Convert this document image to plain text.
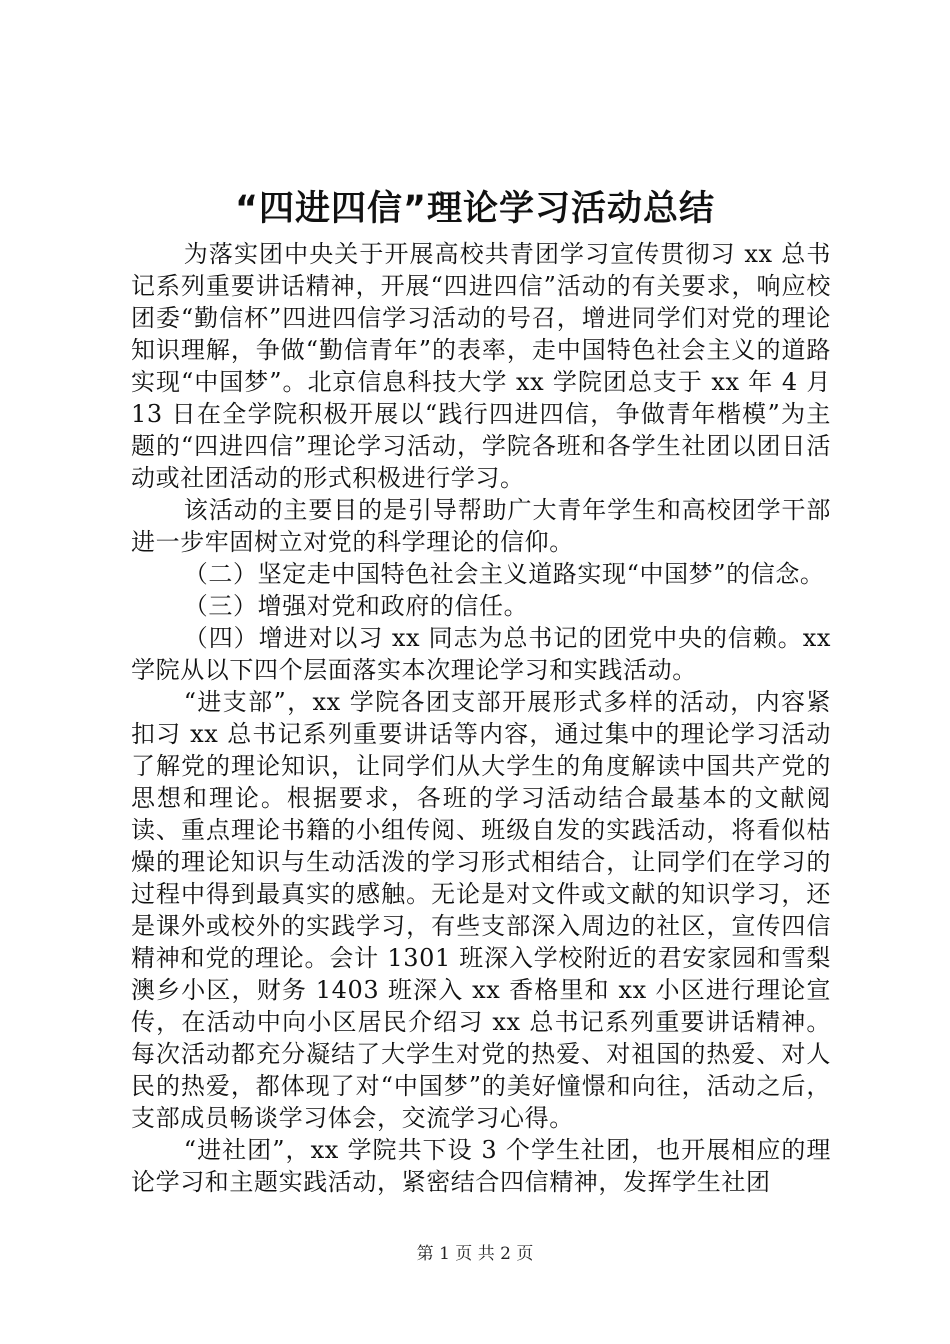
“四进四信”理论学习活动总结

为落实团中央关于开展高校共青团学习宣传贯彻习 xx 总书记系列重要讲话精神，开展“四进四信”活动的有关要求，响应校团委“勤信杯”四进四信学习活动的号召，增进同学们对党的理论知识理解，争做“勤信青年”的表率，走中国特色社会主义的道路实现“中国梦”。北京信息科技大学 xx 学院团总支于 xx 年 4 月 13 日在全学院积极开展以“践行四进四信，争做青年楷模”为主题的“四进四信”理论学习活动，学院各班和各学生社团以团日活动或社团活动的形式积极进行学习。

该活动的主要目的是引导帮助广大青年学生和高校团学干部进一步牢固树立对党的科学理论的信仰。

（二）坚定走中国特色社会主义道路实现“中国梦”的信念。

（三）增强对党和政府的信任。

（四）增进对以习 xx 同志为总书记的团党中央的信赖。xx 学院从以下四个层面落实本次理论学习和实践活动。

“进支部”，xx 学院各团支部开展形式多样的活动，内容紧扣习 xx 总书记系列重要讲话等内容，通过集中的理论学习活动了解党的理论知识，让同学们从大学生的角度解读中国共产党的思想和理论。根据要求，各班的学习活动结合最基本的文献阅读、重点理论书籍的小组传阅、班级自发的实践活动，将看似枯燥的理论知识与生动活泼的学习形式相结合，让同学们在学习的过程中得到最真实的感触。无论是对文件或文献的知识学习，还是课外或校外的实践学习，有些支部深入周边的社区，宣传四信精神和党的理论。会计 1301 班深入学校附近的君安家园和雪梨澳乡小区，财务 1403 班深入 xx 香格里和 xx 小区进行理论宣传，在活动中向小区居民介绍习 xx 总书记系列重要讲话精神。每次活动都充分凝结了大学生对党的热爱、对祖国的热爱、对人民的热爱，都体现了对“中国梦”的美好憧憬和向往，活动之后，支部成员畅谈学习体会，交流学习心得。

“进社团”，xx 学院共下设 3 个学生社团，也开展相应的理论学习和主题实践活动，紧密结合四信精神，发挥学生社团

第 1 页 共 2 页
